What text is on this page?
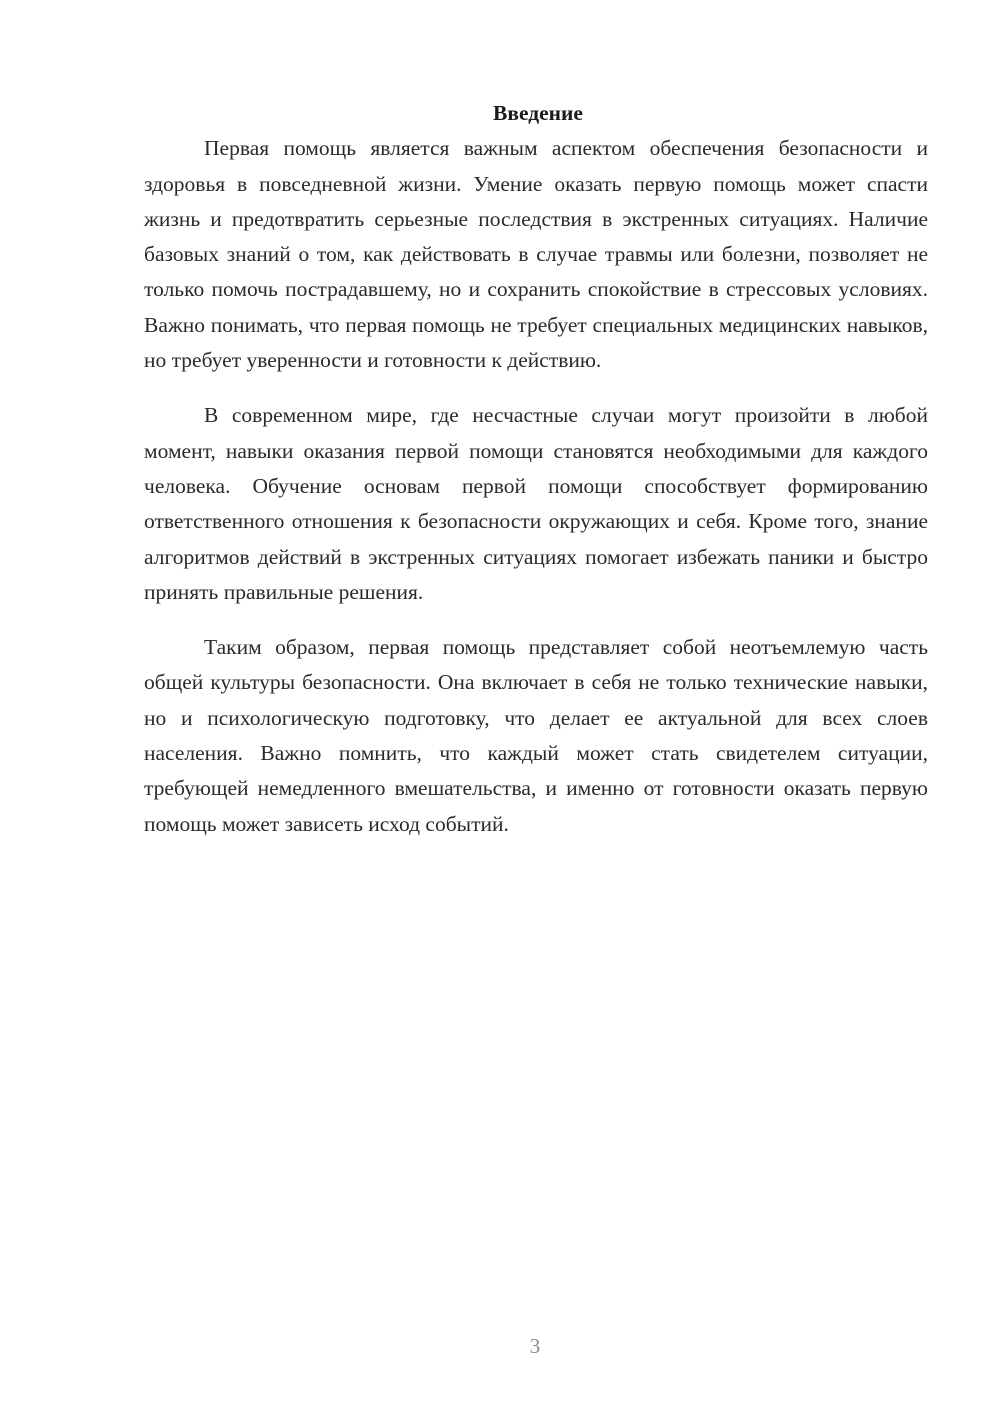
Введение

Первая помощь является важным аспектом обеспечения безопасности и здоровья в повседневной жизни. Умение оказать первую помощь может спасти жизнь и предотвратить серьезные последствия в экстренных ситуациях. Наличие базовых знаний о том, как действовать в случае травмы или болезни, позволяет не только помочь пострадавшему, но и сохранить спокойствие в стрессовых условиях. Важно понимать, что первая помощь не требует специальных медицинских навыков, но требует уверенности и готовности к действию.

В современном мире, где несчастные случаи могут произойти в любой момент, навыки оказания первой помощи становятся необходимыми для каждого человека. Обучение основам первой помощи способствует формированию ответственного отношения к безопасности окружающих и себя. Кроме того, знание алгоритмов действий в экстренных ситуациях помогает избежать паники и быстро принять правильные решения.

Таким образом, первая помощь представляет собой неотъемлемую часть общей культуры безопасности. Она включает в себя не только технические навыки, но и психологическую подготовку, что делает ее актуальной для всех слоев населения. Важно помнить, что каждый может стать свидетелем ситуации, требующей немедленного вмешательства, и именно от готовности оказать первую помощь может зависеть исход событий.

3
